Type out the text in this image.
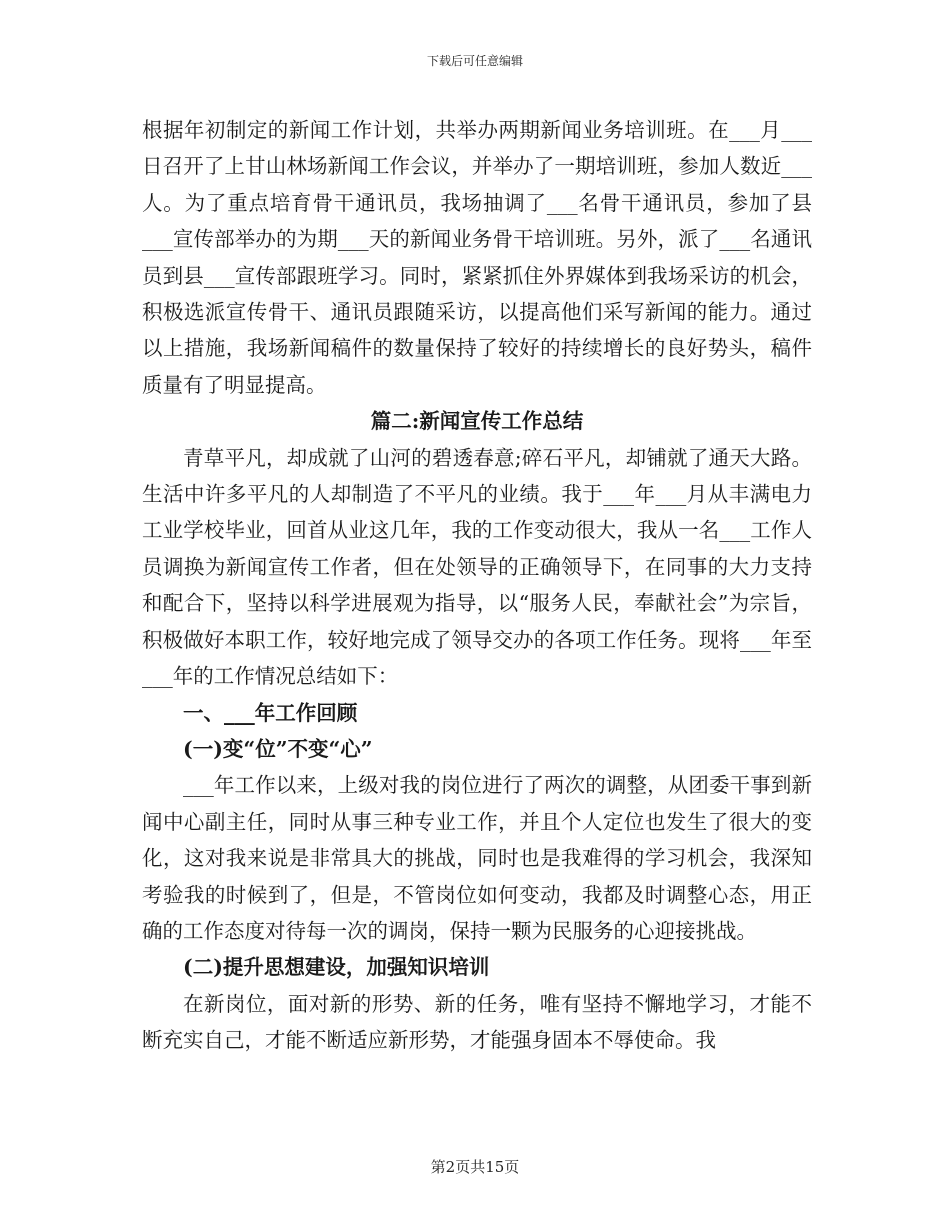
下载后可任意编辑

根据年初制定的新闻工作计划，共举办两期新闻业务培训班。在___月___日召开了上甘山林场新闻工作会议，并举办了一期培训班，参加人数近___人。为了重点培育骨干通讯员，我场抽调了___名骨干通讯员，参加了县___宣传部举办的为期___天的新闻业务骨干培训班。另外，派了___名通讯员到县___宣传部跟班学习。同时，紧紧抓住外界媒体到我场采访的机会，积极选派宣传骨干、通讯员跟随采访，以提高他们采写新闻的能力。通过以上措施，我场新闻稿件的数量保持了较好的持续增长的良好势头，稿件质量有了明显提高。

篇二:新闻宣传工作总结

青草平凡，却成就了山河的碧透春意;碎石平凡，却铺就了通天大路。生活中许多平凡的人却制造了不平凡的业绩。我于___年___月从丰满电力工业学校毕业，回首从业这几年，我的工作变动很大，我从一名___工作人员调换为新闻宣传工作者，但在处领导的正确领导下，在同事的大力支持和配合下，坚持以科学进展观为指导，以“服务人民，奉献社会”为宗旨，积极做好本职工作，较好地完成了领导交办的各项工作任务。现将___年至___年的工作情况总结如下：

一、___年工作回顾

(一)变“位”不变“心”

___年工作以来，上级对我的岗位进行了两次的调整，从团委干事到新闻中心副主任，同时从事三种专业工作，并且个人定位也发生了很大的变化，这对我来说是非常具大的挑战，同时也是我难得的学习机会，我深知考验我的时候到了，但是，不管岗位如何变动，我都及时调整心态，用正确的工作态度对待每一次的调岗，保持一颗为民服务的心迎接挑战。

(二)提升思想建设，加强知识培训

在新岗位，面对新的形势、新的任务，唯有坚持不懈地学习，才能不断充实自己，才能不断适应新形势，才能强身固本不辱使命。我

第2页共15页
